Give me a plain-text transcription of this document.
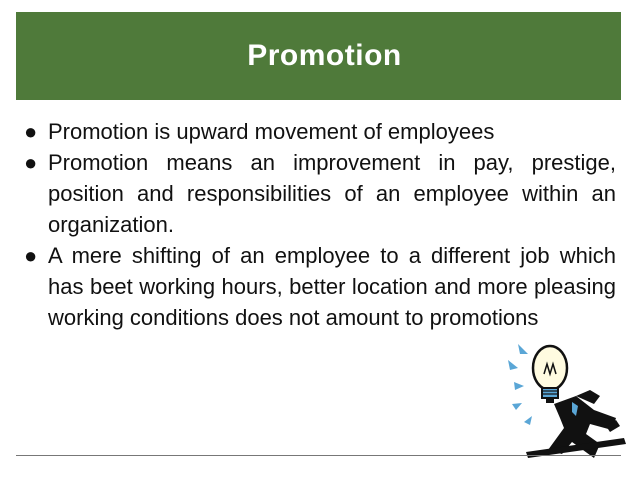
Promotion
● Promotion is upward movement of employees
● Promotion means an improvement in pay, prestige, position and responsibilities of an employee within an organization.
● A mere shifting of an employee to a different job which has beet working hours, better location and more pleasing working conditions does not amount to promotions
